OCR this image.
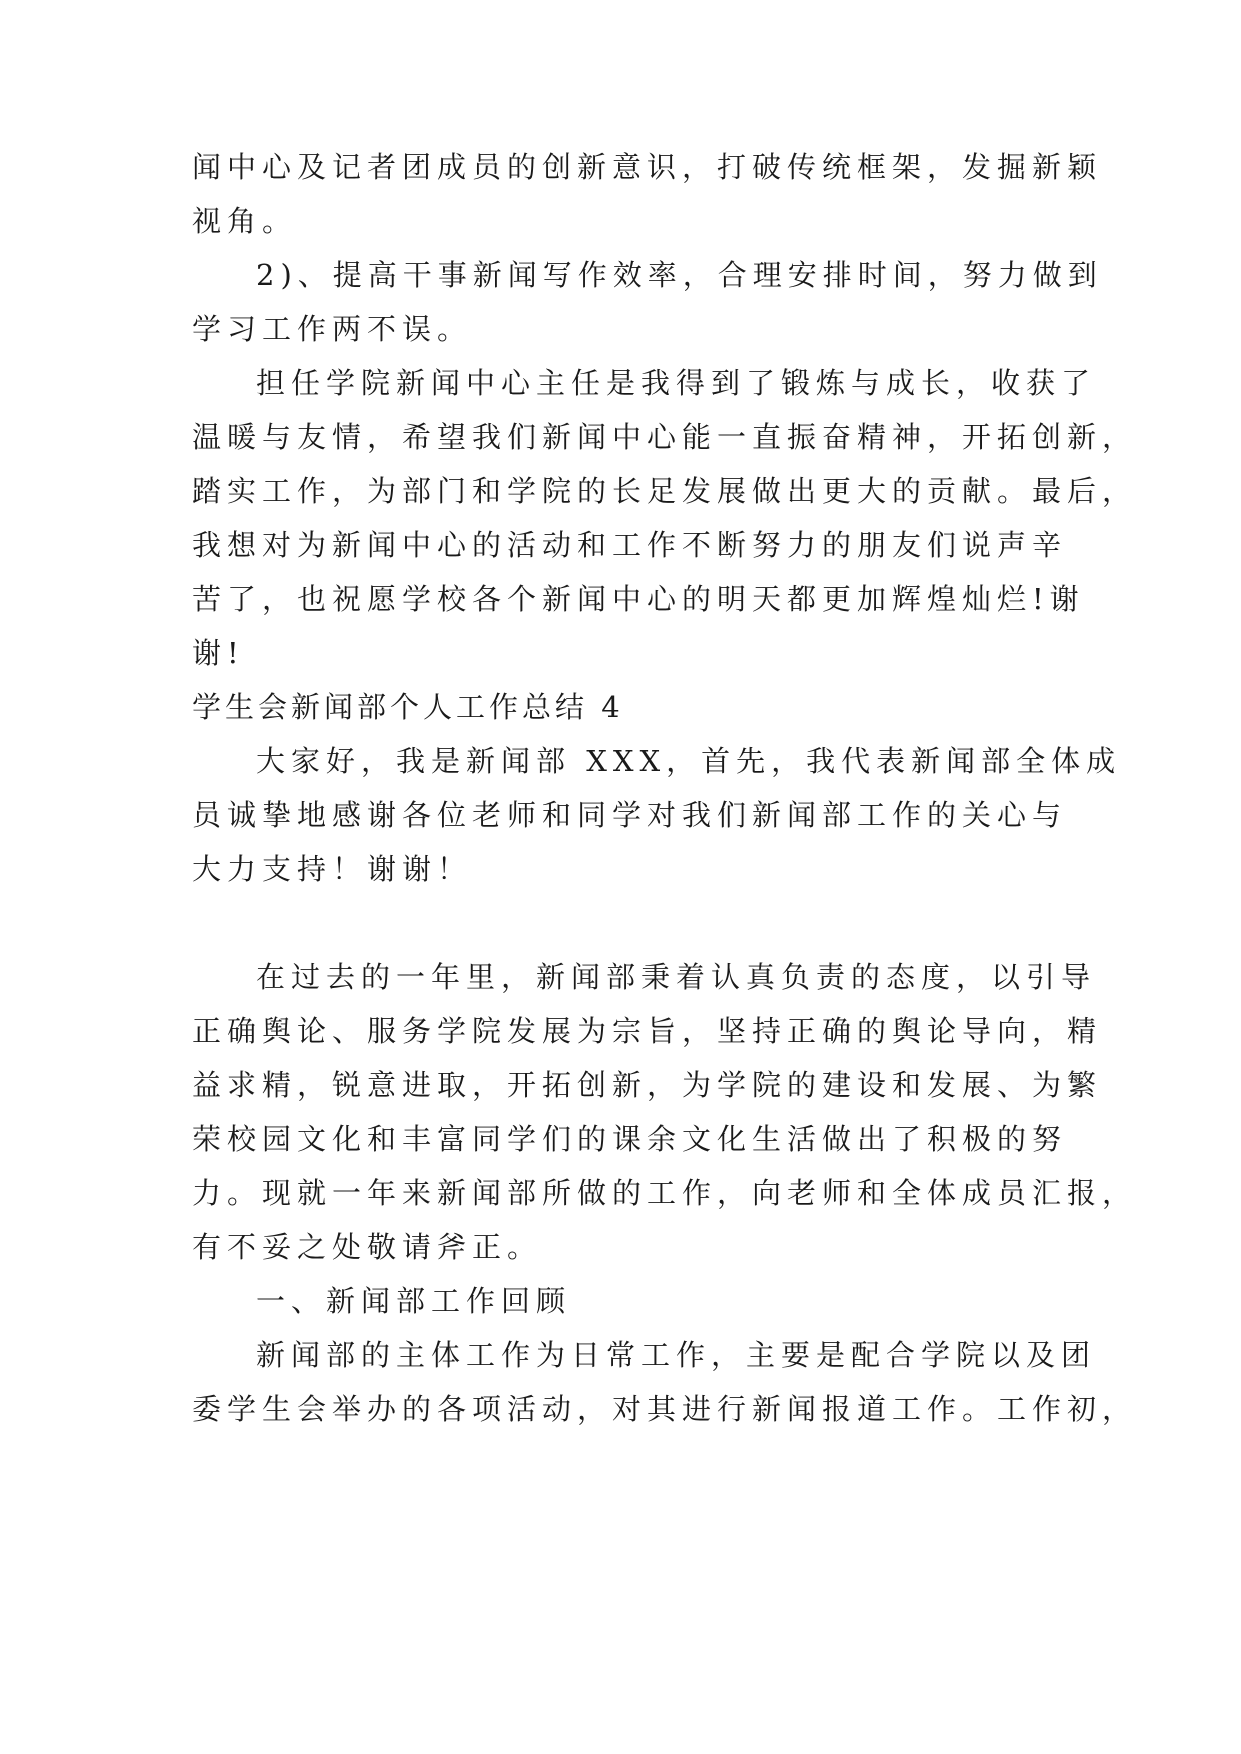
闻中心及记者团成员的创新意识，打破传统框架，发掘新颖
视角。
2)、提高干事新闻写作效率，合理安排时间，努力做到
学习工作两不误。
担任学院新闻中心主任是我得到了锻炼与成长，收获了
温暖与友情，希望我们新闻中心能一直振奋精神，开拓创新，
踏实工作，为部门和学院的长足发展做出更大的贡献。最后，
我想对为新闻中心的活动和工作不断努力的朋友们说声辛
苦了，也祝愿学校各个新闻中心的明天都更加辉煌灿烂!谢
谢!
学生会新闻部个人工作总结 4
大家好，我是新闻部 XXX，首先，我代表新闻部全体成
员诚挚地感谢各位老师和同学对我们新闻部工作的关心与
大力支持！谢谢！
在过去的一年里，新闻部秉着认真负责的态度，以引导
正确舆论、服务学院发展为宗旨，坚持正确的舆论导向，精
益求精，锐意进取，开拓创新，为学院的建设和发展、为繁
荣校园文化和丰富同学们的课余文化生活做出了积极的努
力。现就一年来新闻部所做的工作，向老师和全体成员汇报，
有不妥之处敬请斧正。
一、新闻部工作回顾
新闻部的主体工作为日常工作，主要是配合学院以及团
委学生会举办的各项活动，对其进行新闻报道工作。工作初，
